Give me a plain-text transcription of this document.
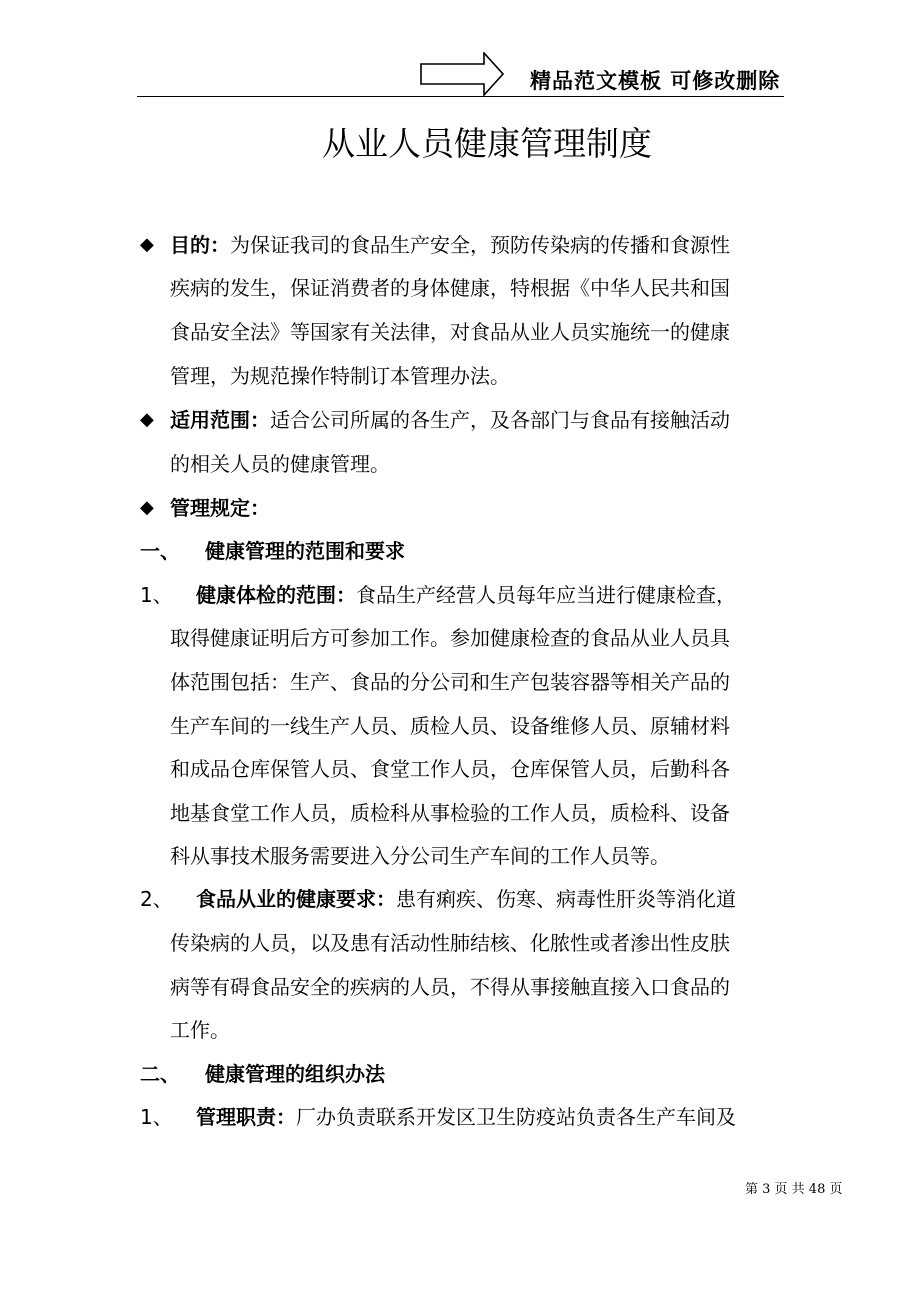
精品范文模板 可修改删除
从业人员健康管理制度
◆ 目的：为保证我司的食品生产安全，预防传染病的传播和食源性
疾病的发生，保证消费者的身体健康，特根据《中华人民共和国
食品安全法》等国家有关法律，对食品从业人员实施统一的健康
管理，为规范操作特制订本管理办法。
◆ 适用范围：适合公司所属的各生产，及各部门与食品有接触活动
的相关人员的健康管理。
◆ 管理规定：
一、 健康管理的范围和要求
1、 健康体检的范围：食品生产经营人员每年应当进行健康检查，
取得健康证明后方可参加工作。参加健康检查的食品从业人员具
体范围包括：生产、食品的分公司和生产包装容器等相关产品的
生产车间的一线生产人员、质检人员、设备维修人员、原辅材料
和成品仓库保管人员、食堂工作人员，仓库保管人员，后勤科各
地基食堂工作人员，质检科从事检验的工作人员，质检科、设备
科从事技术服务需要进入分公司生产车间的工作人员等。
2、 食品从业的健康要求：患有痢疾、伤寒、病毒性肝炎等消化道
传染病的人员，以及患有活动性肺结核、化脓性或者渗出性皮肤
病等有碍食品安全的疾病的人员，不得从事接触直接入口食品的
工作。
二、 健康管理的组织办法
1、 管理职责：厂办负责联系开发区卫生防疫站负责各生产车间及
第 3 页 共 48 页
